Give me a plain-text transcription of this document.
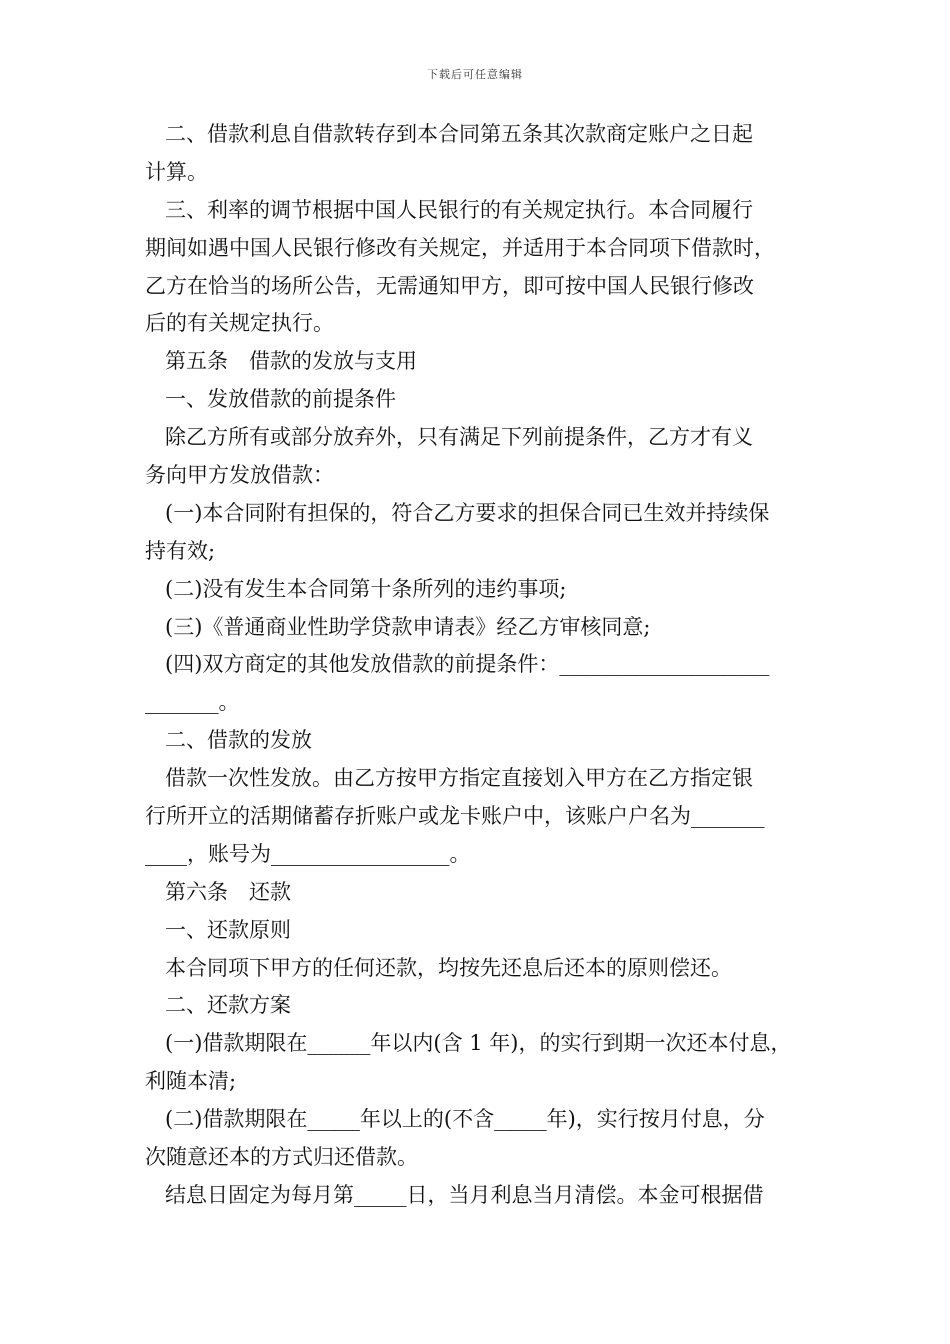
下载后可任意编辑
二、借款利息自借款转存到本合同第五条其次款商定账户之日起
计算。
三、利率的调节根据中国人民银行的有关规定执行。本合同履行
期间如遇中国人民银行修改有关规定，并适用于本合同项下借款时，
乙方在恰当的场所公告，无需通知甲方，即可按中国人民银行修改
后的有关规定执行。
第五条　借款的发放与支用
一、发放借款的前提条件
除乙方所有或部分放弃外，只有满足下列前提条件，乙方才有义
务向甲方发放借款：
(一)本合同附有担保的，符合乙方要求的担保合同已生效并持续保
持有效;
(二)没有发生本合同第十条所列的违约事项;
(三)《普通商业性助学贷款申请表》经乙方审核同意;
(四)双方商定的其他发放借款的前提条件：____________________
_______。
二、借款的发放
借款一次性发放。由乙方按甲方指定直接划入甲方在乙方指定银
行所开立的活期储蓄存折账户或龙卡账户中，该账户户名为_______
____，账号为_________________。
第六条　还款
一、还款原则
本合同项下甲方的任何还款，均按先还息后还本的原则偿还。
二、还款方案
(一)借款期限在______年以内(含 1 年)，的实行到期一次还本付息，
利随本清;
(二)借款期限在_____年以上的(不含_____年)，实行按月付息，分
次随意还本的方式归还借款。
结息日固定为每月第_____日，当月利息当月清偿。本金可根据借
